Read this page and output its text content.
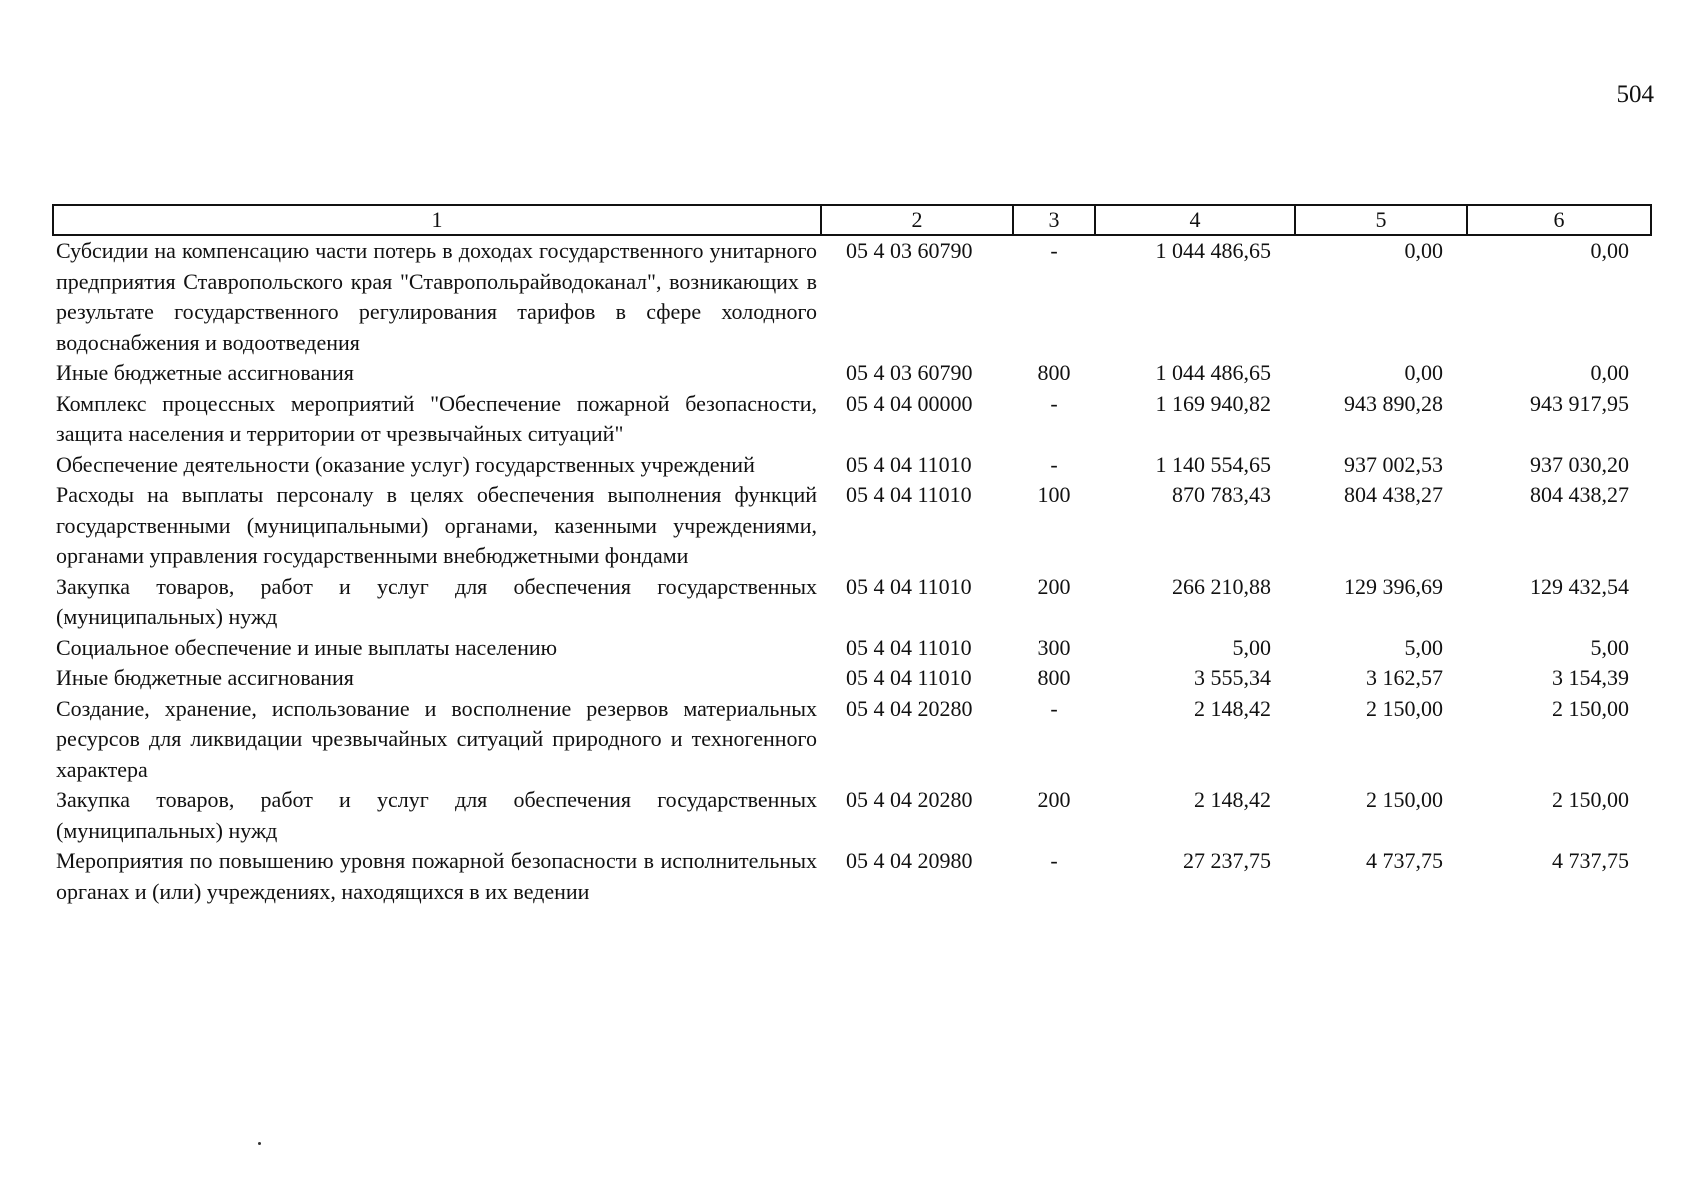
504
1	2	3	4	5	6
Субсидии на компенсацию части потерь в доходах государственного унитарного предприятия Ставропольского края "Ставропольрайводоканал", возникающих в результате государственного регулирования тарифов в сфере холодного водоснабжения и водоотведения	05 4 03 60790	-	1 044 486,65	0,00	0,00
Иные бюджетные ассигнования	05 4 03 60790	800	1 044 486,65	0,00	0,00
Комплекс процессных мероприятий "Обеспечение пожарной безопасности, защита населения и территории от чрезвычайных ситуаций"	05 4 04 00000	-	1 169 940,82	943 890,28	943 917,95
Обеспечение деятельности (оказание услуг) государственных учреждений	05 4 04 11010	-	1 140 554,65	937 002,53	937 030,20
Расходы на выплаты персоналу в целях обеспечения выполнения функций государственными (муниципальными) органами, казенными учреждениями, органами управления государственными внебюджетными фондами	05 4 04 11010	100	870 783,43	804 438,27	804 438,27
Закупка товаров, работ и услуг для обеспечения государственных (муниципальных) нужд	05 4 04 11010	200	266 210,88	129 396,69	129 432,54
Социальное обеспечение и иные выплаты населению	05 4 04 11010	300	5,00	5,00	5,00
Иные бюджетные ассигнования	05 4 04 11010	800	3 555,34	3 162,57	3 154,39
Создание, хранение, использование и восполнение резервов материальных ресурсов для ликвидации чрезвычайных ситуаций природного и техногенного характера	05 4 04 20280	-	2 148,42	2 150,00	2 150,00
Закупка товаров, работ и услуг для обеспечения государственных (муниципальных) нужд	05 4 04 20280	200	2 148,42	2 150,00	2 150,00
Мероприятия по повышению уровня пожарной безопасности в исполнительных органах и (или) учреждениях, находящихся в их ведении	05 4 04 20980	-	27 237,75	4 737,75	4 737,75
